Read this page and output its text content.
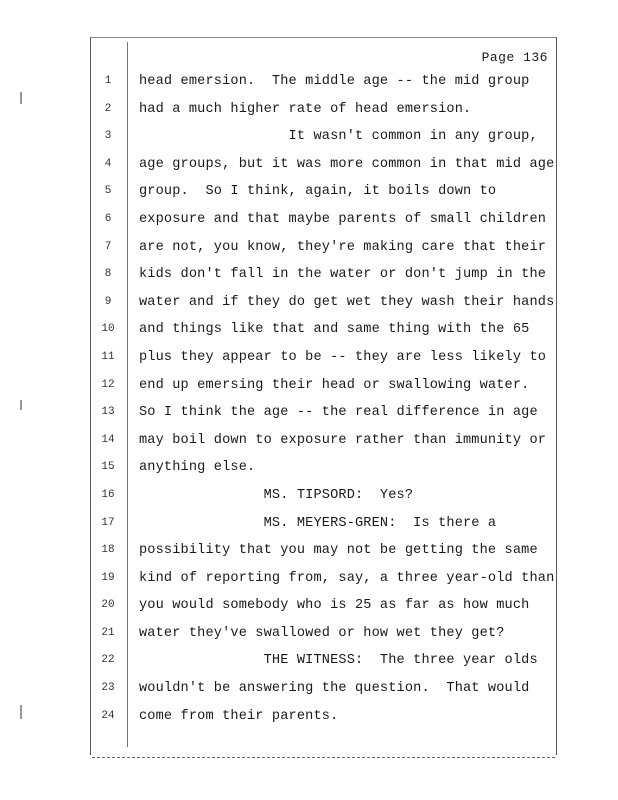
Page 136
1	head emersion.  The middle age -- the mid group
2	had a much higher rate of head emersion.
3	It wasn't common in any group,
4	age groups, but it was more common in that mid age
5	group.  So I think, again, it boils down to
6	exposure and that maybe parents of small children
7	are not, you know, they're making care that their
8	kids don't fall in the water or don't jump in the
9	water and if they do get wet they wash their hands
10	and things like that and same thing with the 65
11	plus they appear to be -- they are less likely to
12	end up emersing their head or swallowing water.
13	So I think the age -- the real difference in age
14	may boil down to exposure rather than immunity or
15	anything else.
16	MS. TIPSORD:  Yes?
17	MS. MEYERS-GREN:  Is there a
18	possibility that you may not be getting the same
19	kind of reporting from, say, a three year-old than
20	you would somebody who is 25 as far as how much
21	water they've swallowed or how wet they get?
22	THE WITNESS:  The three year olds
23	wouldn't be answering the question.  That would
24	come from their parents.
